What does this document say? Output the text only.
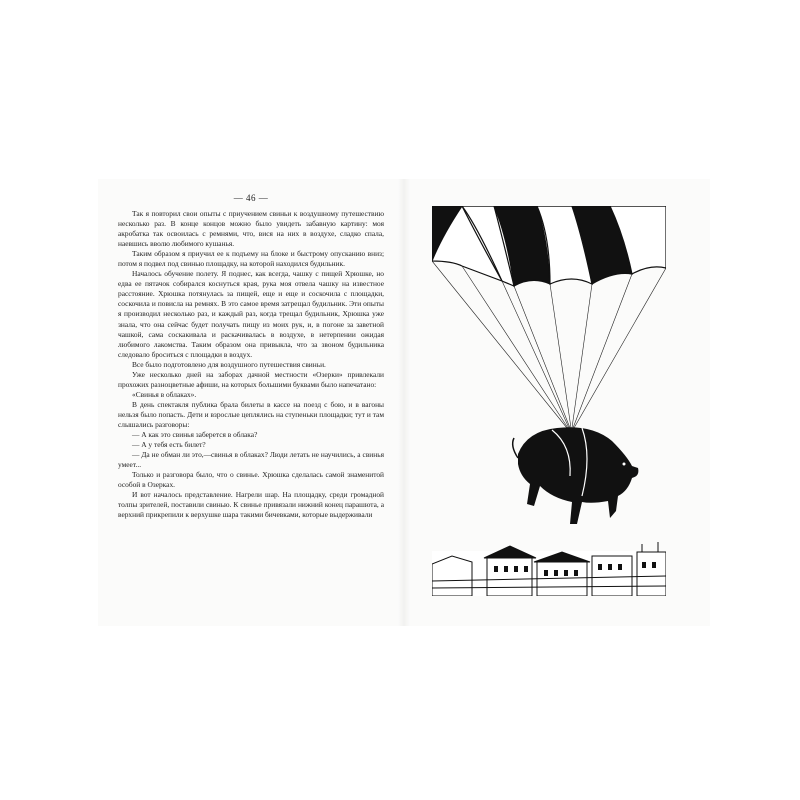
— 46 —

Так я повторил свои опыты с приучением свиньи к воздушному путешествию несколько раз. В конце концов можно было увидеть забавную картину: моя акробатка так освоилась с ремнями, что, вися на них в воздухе, сладко спала, наевшись вволю любимого кушанья.

Таким образом я приучил ее к подъему на блоке и быстрому опусканию вниз; потом я подвел под свинью площадку, на которой находился будильник.

Началось обучение полету. Я поднес, как всегда, чашку с пищей Хрюшке, но едва ее пятачок собирался коснуться края, рука моя отвела чашку на известное расстояние. Хрюшка потянулась за пищей, еще и еще и соскочила с площадки, соскочила и повисла на ремнях. В это самое время затрещал будильник. Эти опыты я производил несколько раз, и каждый раз, когда трещал будильник, Хрюшка уже знала, что она сейчас будет получать пищу из моих рук, и, в погоне за заветной чашкой, сама соскакивала и раскачивалась в воздухе, в нетерпении ожидая любимого лакомства. Таким образом она привыкла, что за звоном будильника следовало броситься с площадки в воздух.

Все было подготовлено для воздушного путешествия свиньи.

Уже несколько дней на заборах дачной местности «Озерки» привлекали прохожих разноцветные афиши, на которых большими буквами было напечатано:

«Свинья в облаках».

В день спектакля публика брала билеты в кассе на поезд с бою, и в вагоны нельзя было попасть. Дети и взрослые цеплялись на ступеньки площадки; тут и там слышались разговоры:

— А как это свинья заберется в облака?

— А у тебя есть билет?

— Да не обман ли это,—свинья в облаках? Люди летать не научились, а свинья умеет...

Только и разговора было, что о свинье. Хрюшка сделалась самой знаменитой особой в Озерках.

И вот началось представление. Нагрели шар. На площадку, среди громадной толпы зрителей, поставили свинью. К свинье привязали нижний конец парашюта, а верхний прикрепили к верхушке шара такими бичевками, которые выдерживали
